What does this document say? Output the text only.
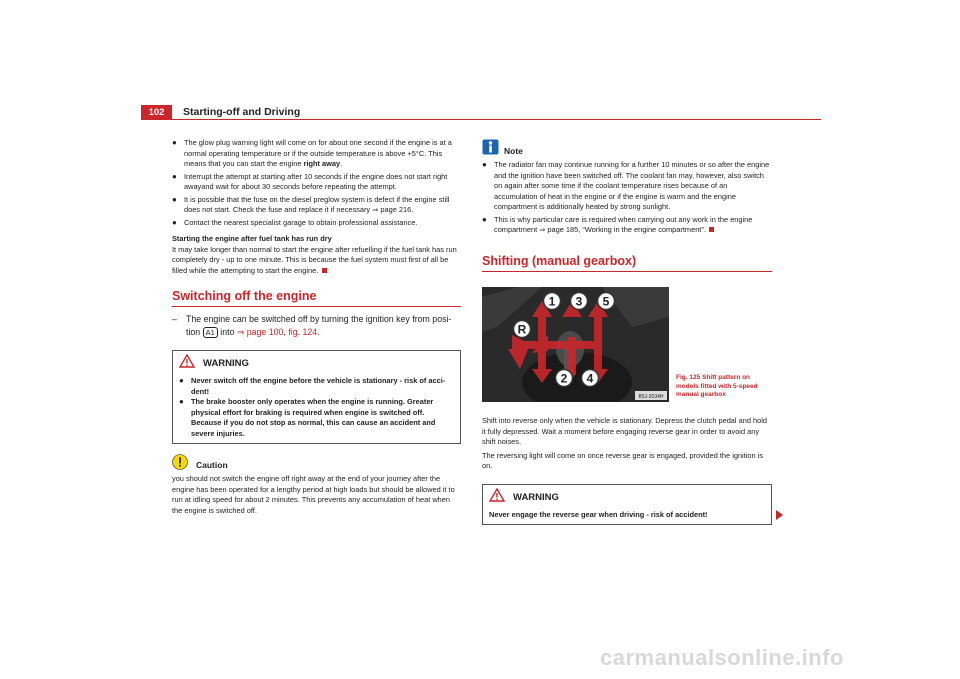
102	Starting-off and Driving

● The glow plug warning light will come on for about one second if the engine is at a normal operating temperature or if the outside temperature is above +5°C. This means that you can start the engine right away.

● Interrupt the attempt at starting after 10 seconds if the engine does not start right awayand wait for about 30 seconds before repeating the attempt.

● It is possible that the fuse on the diesel preglow system is defect if the engine still does not start. Check the fuse and replace it if necessary ⇒ page 216.

● Contact the nearest specialist garage to obtain professional assistance.

Starting the engine after fuel tank has run dry

It may take longer than normal to start the engine after refuelling if the fuel tank has run completely dry - up to one minute. This is because the fuel system must first of all be filled while the attempting to start the engine.

Switching off the engine

– The engine can be switched off by turning the ignition key from posi-tion A1 into ⇒ page 100, fig. 124.

WARNING

● Never switch off the engine before the vehicle is stationary - risk of acci-dent!

● The brake booster only operates when the engine is running. Greater physical effort for braking is required when engine is switched off. Because if you do not stop as normal, this can cause an accident and severe injuries.

Caution

you should not switch the engine off right away at the end of your journey after the engine has been operated for a lengthy period at high loads but should be allowed it to run at idling speed for about 2 minutes. This prevents any accumulation of heat when the engine is switched off.

Note

● The radiator fan may continue running for a further 10 minutes or so after the engine and the ignition have been switched off. The coolant fan may, however, also switch on again after some time if the coolant temperature rises because of an accumulation of heat in the engine or if the engine is warm and the engine compartment is additionally heated by strong sunlight.

● This is why particular care is required when carrying out any work in the engine compartment ⇒ page 185, “Working in the engine compartment”.

Shifting (manual gearbox)
1 3 5
R
2 4
B5J-2034H
Fig. 125 Shift pattern on models fitted with 5-speed manual gearbox

Shift into reverse only when the vehicle is stationary. Depress the clutch pedal and hold it fully depressed. Wait a moment before engaging reverse gear in order to avoid any shift noises.

The reversing light will come on once reverse gear is engaged, provided the ignition is on.

WARNING

Never engage the reverse gear when driving - risk of accident!

carmanualsonline.info
